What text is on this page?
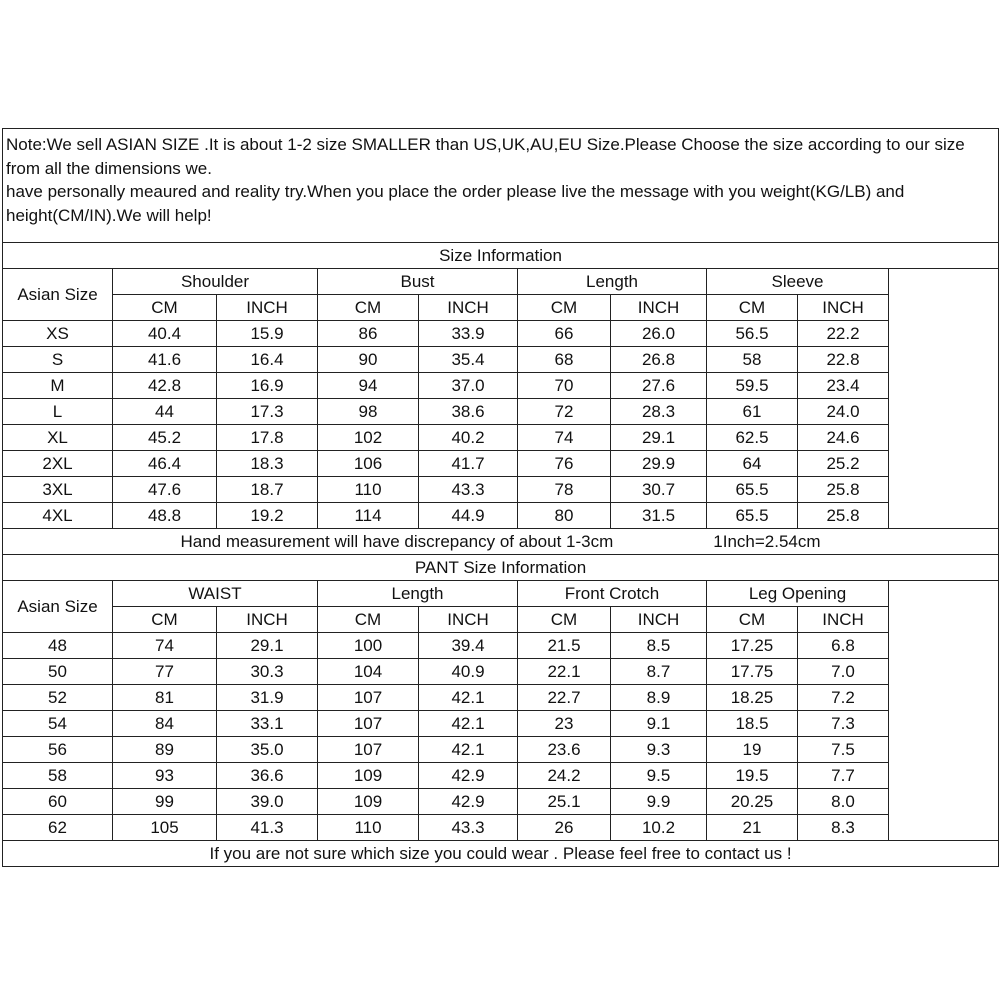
Note:We sell ASIAN SIZE .It is about 1-2 size SMALLER than US,UK,AU,EU Size.Please Choose the size according to our size from all the dimensions we.
have personally meaured and reality try.When you place the order please live the message with you weight(KG/LB) and height(CM/IN).We will help!									

Size Information									
Asian Size	Shoulder		Bust		Length		Sleeve		
	CM	INCH	CM	INCH	CM	INCH	CM	INCH	
XS	40.4	15.9	86	33.9	66	26.0	56.5	22.2	
S	41.6	16.4	90	35.4	68	26.8	58	22.8	
M	42.8	16.9	94	37.0	70	27.6	59.5	23.4	
L	44	17.3	98	38.6	72	28.3	61	24.0	
XL	45.2	17.8	102	40.2	74	29.1	62.5	24.6	
2XL	46.4	18.3	106	41.7	76	29.9	64	25.2	
3XL	47.6	18.7	110	43.3	78	30.7	65.5	25.8	
4XL	48.8	19.2	114	44.9	80	31.5	65.5	25.8	
Hand measurement will have discrepancy of about 1-3cm 1Inch=2.54cm									
PANT Size Information									
Asian Size	WAIST		Length		Front Crotch		Leg Opening		
	CM	INCH	CM	INCH	CM	INCH	CM	INCH	
48	74	29.1	100	39.4	21.5	8.5	17.25	6.8	
50	77	30.3	104	40.9	22.1	8.7	17.75	7.0	
52	81	31.9	107	42.1	22.7	8.9	18.25	7.2	
54	84	33.1	107	42.1	23	9.1	18.5	7.3	
56	89	35.0	107	42.1	23.6	9.3	19	7.5	
58	93	36.6	109	42.9	24.2	9.5	19.5	7.7	
60	99	39.0	109	42.9	25.1	9.9	20.25	8.0	
62	105	41.3	110	43.3	26	10.2	21	8.3	
If you are not sure which size you could wear . Please feel free to contact us !									
